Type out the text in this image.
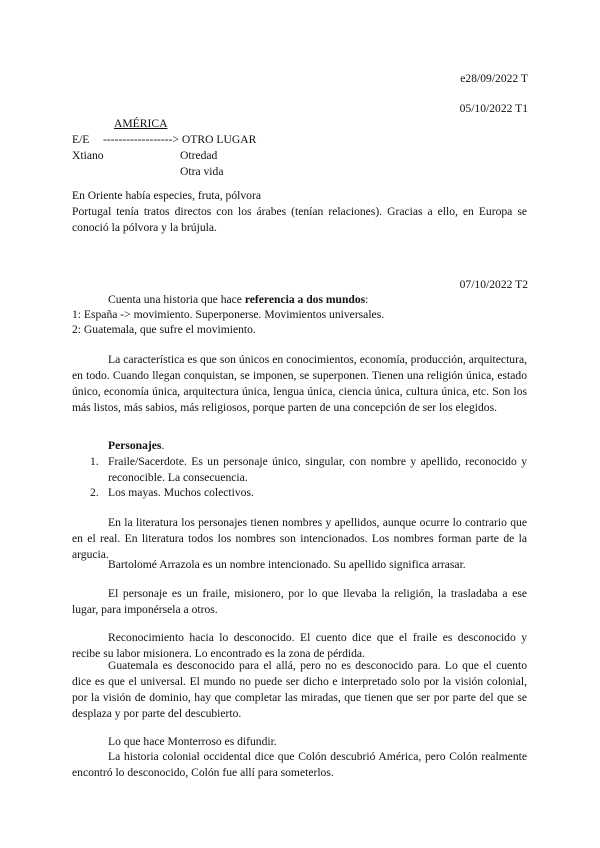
e28/09/2022 T
05/10/2022 T1
AMÉRICA
E/E ------------------> OTRO LUGAR
Xtiano	Otredad
Otra vida
En Oriente había especies, fruta, pólvora
Portugal tenía tratos directos con los árabes (tenían relaciones). Gracias a ello, en Europa se conoció la pólvora y la brújula.
07/10/2022 T2
Cuenta una historia que hace referencia a dos mundos:
1: España -> movimiento. Superponerse. Movimientos universales.
2: Guatemala, que sufre el movimiento.
La característica es que son únicos en conocimientos, economía, producción, arquitectura, en todo. Cuando llegan conquistan, se imponen, se superponen. Tienen una religión única, estado único, economía única, arquitectura única, lengua única, ciencia única, cultura única, etc. Son los más listos, más sabios, más religiosos, porque parten de una concepción de ser los elegidos.
Personajes.
1. Fraile/Sacerdote. Es un personaje único, singular, con nombre y apellido, reconocido y reconocible. La consecuencia.
2. Los mayas. Muchos colectivos.
En la literatura los personajes tienen nombres y apellidos, aunque ocurre lo contrario que en el real. En literatura todos los nombres son intencionados. Los nombres forman parte de la argucia.
Bartolomé Arrazola es un nombre intencionado. Su apellido significa arrasar.
El personaje es un fraile, misionero, por lo que llevaba la religión, la trasladaba a ese lugar, para imponérsela a otros.
Reconocimiento hacia lo desconocido. El cuento dice que el fraile es desconocido y recibe su labor misionera. Lo encontrado es la zona de pérdida.
Guatemala es desconocido para el allá, pero no es desconocido para. Lo que el cuento dice es que el universal. El mundo no puede ser dicho e interpretado solo por la visión colonial, por la visión de dominio, hay que completar las miradas, que tienen que ser por parte del que se desplaza y por parte del descubierto.
Lo que hace Monterroso es difundir.
La historia colonial occidental dice que Colón descubrió América, pero Colón realmente encontró lo desconocido, Colón fue allí para someterlos.
